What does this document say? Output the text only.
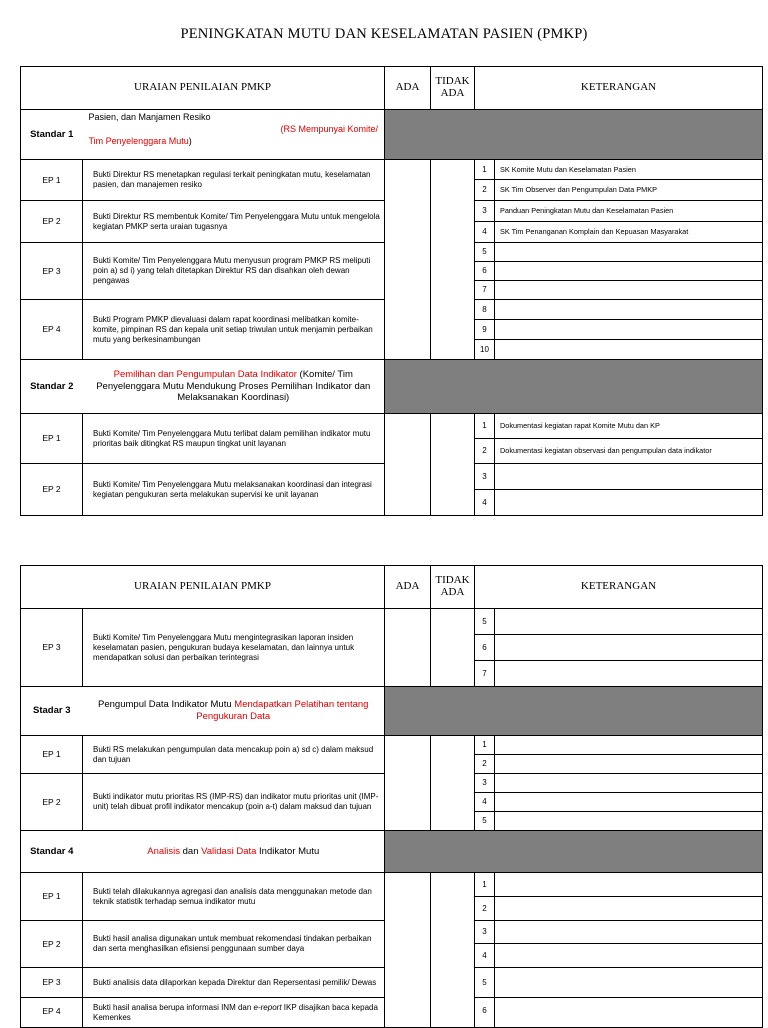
PENINGKATAN MUTU DAN KESELAMATAN PASIEN (PMKP)
URAIAN PENILAIAN PMKP		ADA	TIDAK
ADA	KETERANGAN	
Standar 1	Pasien, dan Manjamen Resiko
(RS Mempunyai Komite/
Tim Penyelenggara Mutu)				

EP 1	Bukti Direktur RS menetapkan regulasi terkait peningkatan mutu, keselamatan pasien, dan manajemen resiko			1	SK Komite Mutu dan Keselamatan Pasien
				2	SK Tim Observer dan Pengumpulan Data PMKP
EP 2	Bukti Direktur RS membentuk Komite/ Tim Penyelenggara Mutu untuk mengelola kegiatan PMKP serta uraian tugasnya			3	Panduan Peningkatan Mutu dan Keselamatan Pasien
				4	SK Tim Penanganan Komplain dan Kepuasan Masyarakat
EP 3	Bukti Komite/ Tim Penyelenggara Mutu menyusun program PMKP RS meliputi poin a) sd i) yang telah ditetapkan Direktur RS dan disahkan oleh dewan pengawas			5	
				6	
				7	
EP 4	Bukti Program PMKP dievaluasi dalam rapat koordinasi melibatkan komite-komite, pimpinan RS dan kepala unit setiap triwulan untuk menjamin perbaikan mutu yang berkesinambungan			8	
				9	
				10	
Standar 2	Pemilihan dan Pengumpulan Data Indikator (Komite/ Tim Penyelenggara Mutu Mendukung Proses Pemilihan Indikator dan Melaksanakan Koordinasi)				
EP 1	Bukti Komite/ Tim Penyelenggara Mutu terlibat dalam pemilihan indikator mutu prioritas baik ditingkat RS maupun tingkat unit layanan			1	Dokumentasi kegiatan rapat Komite Mutu dan KP
				2	Dokumentasi kegiatan observasi dan pengumpulan data indikator
EP 2	Bukti Komite/ Tim Penyelenggara Mutu melaksanakan koordinasi dan integrasi kegiatan pengukuran serta melakukan supervisi ke unit layanan			3	
				4	
URAIAN PENILAIAN PMKP		ADA	TIDAK
ADA	KETERANGAN	
EP 3	Bukti Komite/ Tim Penyelenggara Mutu mengintegrasikan laporan insiden keselamatan pasien, pengukuran budaya keselamatan, dan lainnya untuk mendapatkan solusi dan perbaikan terintegrasi			5	
				6	
				7	
Stadar 3	Pengumpul Data Indikator Mutu Mendapatkan Pelatihan tentang Pengukuran Data				
EP 1	Bukti RS melakukan pengumpulan data mencakup poin a) sd c) dalam maksud dan tujuan			1	
				2	
EP 2	Bukti indikator mutu prioritas RS (IMP-RS) dan indikator mutu prioritas unit (IMP-unit) telah dibuat profil indikator mencakup (poin a-t) dalam maksud dan tujuan			3	
				4	
				5	
Standar 4	Analisis dan Validasi Data Indikator Mutu				
EP 1	Bukti telah dilakukannya agregasi dan analisis data menggunakan metode dan teknik statistik terhadap semua indikator mutu			1	
				2	
EP 2	Bukti hasil analisa digunakan untuk membuat rekomendasi tindakan perbaikan dan serta menghasilkan efisiensi penggunaan sumber daya			3	
				4	
EP 3	Bukti analisis data dilaporkan kepada Direktur dan Repersentasi pemilik/ Dewas			5	
EP 4	Bukti hasil analisa berupa informasi INM dan e-report IKP disajikan baca kepada Kemenkes			6	
